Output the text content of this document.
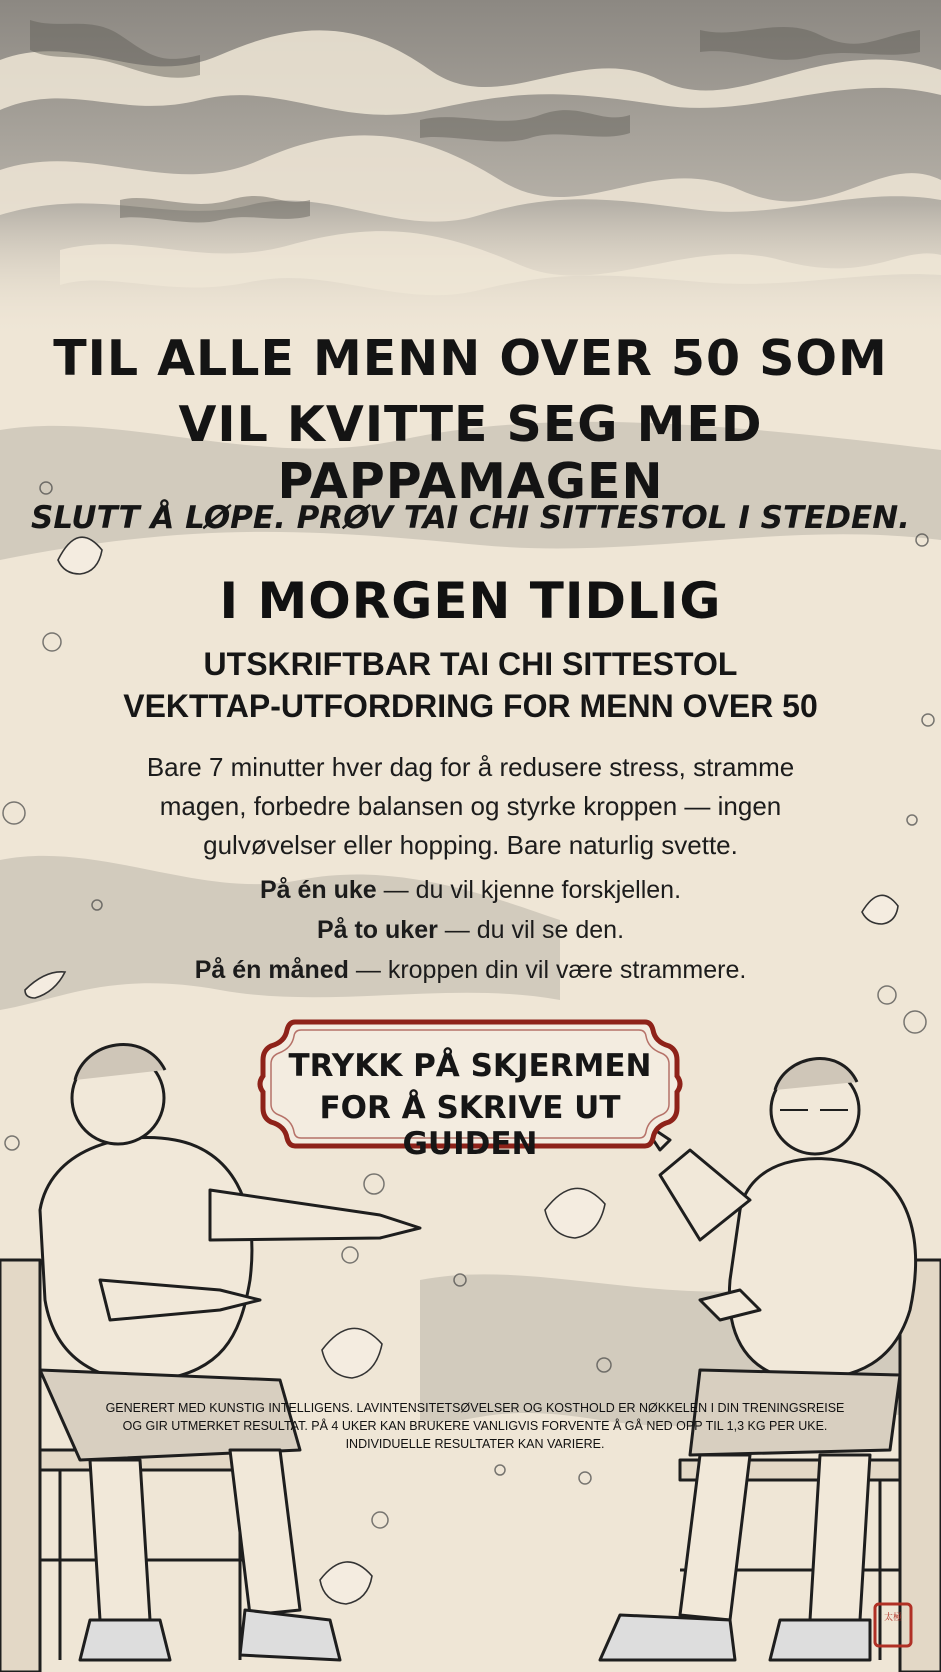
TIL ALLE MENN OVER 50 SOM
VIL KVITTE SEG MED PAPPAMAGEN
SLUTT Å LØPE. PRØV TAI CHI SITTESTOL I STEDEN.
I MORGEN TIDLIG
UTSKRIFTBAR TAI CHI SITTESTOL
VEKTTAP-UTFORDRING FOR MENN OVER 50
Bare 7 minutter hver dag for å redusere stress, stramme magen, forbedre balansen og styrke kroppen — ingen gulvøvelser eller hopping. Bare naturlig svette.
På én uke — du vil kjenne forskjellen.
På to uker — du vil se den.
På én måned — kroppen din vil være strammere.
TRYKK PÅ SKJERMEN
FOR Å SKRIVE UT GUIDEN
GENERERT MED KUNSTIG INTELLIGENS. LAVINTENSITETSØVELSER OG KOSTHOLD ER NØKKELEN I DIN TRENINGSREISE OG GIR UTMERKET RESULTAT. PÅ 4 UKER KAN BRUKERE VANLIGVIS FORVENTE Å GÅ NED OPP TIL 1,3 KG PER UKE. INDIVIDUELLE RESULTATER KAN VARIERE.
太極
